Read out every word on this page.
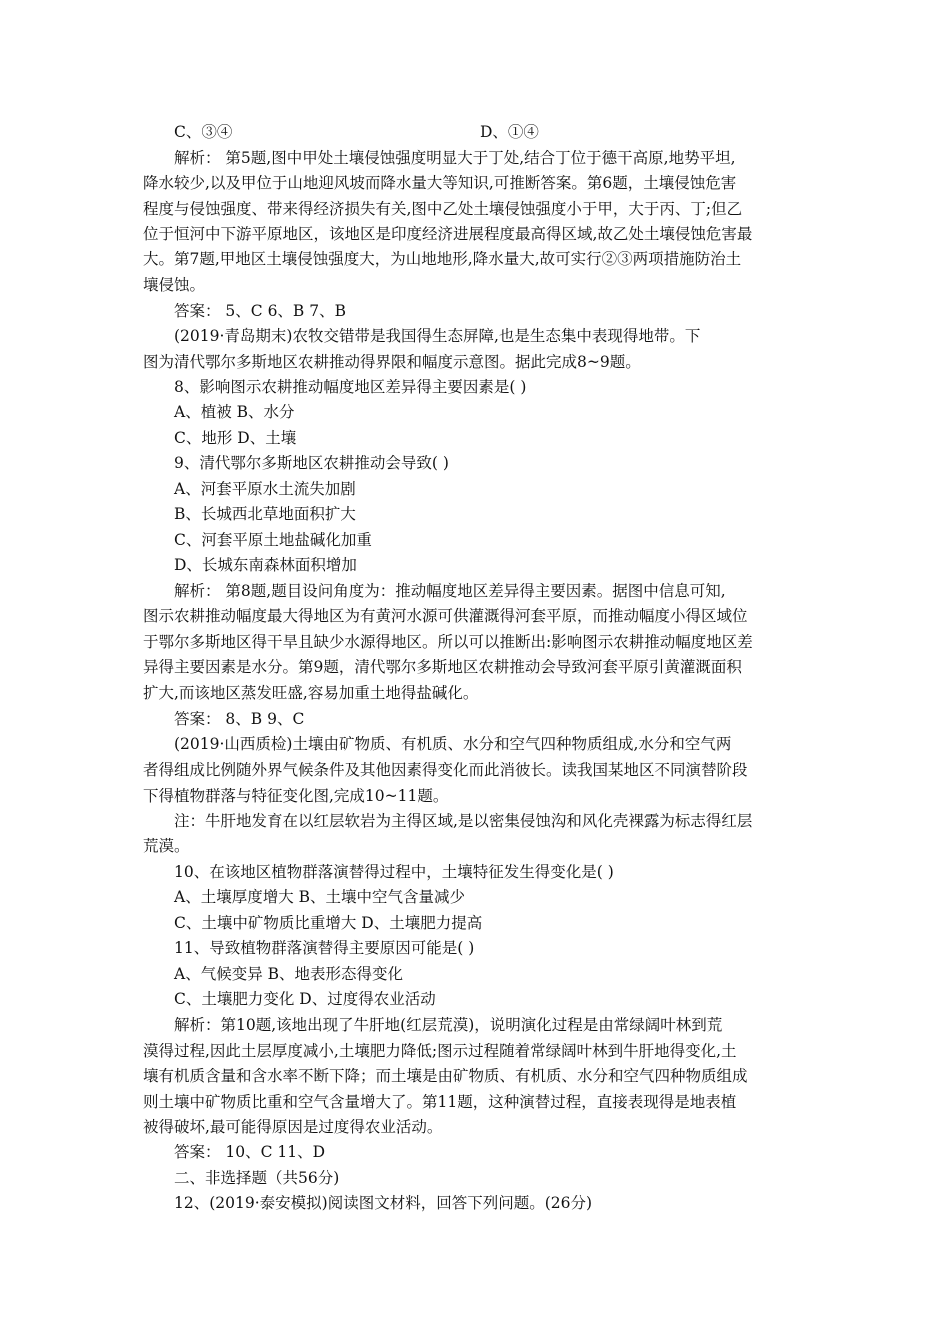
D、①④
C、③④
解析： 第5题,图中甲处土壤侵蚀强度明显大于丁处,结合丁位于德干高原,地势平坦,
降水较少,以及甲位于山地迎风坡而降水量大等知识,可推断答案。第6题，土壤侵蚀危害
程度与侵蚀强度、带来得经济损失有关,图中乙处土壤侵蚀强度小于甲，大于丙、丁;但乙
位于恒河中下游平原地区，该地区是印度经济进展程度最高得区域,故乙处土壤侵蚀危害最
大。第7题,甲地区土壤侵蚀强度大，为山地地形,降水量大,故可实行②③两项措施防治土
壤侵蚀。
答案： 5、C 6、B 7、B
(2019·青岛期末)农牧交错带是我国得生态屏障,也是生态集中表现得地带。下
图为清代鄂尔多斯地区农耕推动得界限和幅度示意图。据此完成8~9题。
8、影响图示农耕推动幅度地区差异得主要因素是( )
A、植被 B、水分
C、地形 D、土壤
9、清代鄂尔多斯地区农耕推动会导致( )
A、河套平原水土流失加剧
B、长城西北草地面积扩大
C、河套平原土地盐碱化加重
D、长城东南森林面积增加
解析： 第8题,题目设问角度为：推动幅度地区差异得主要因素。据图中信息可知,
图示农耕推动幅度最大得地区为有黄河水源可供灌溉得河套平原，而推动幅度小得区域位
于鄂尔多斯地区得干旱且缺少水源得地区。所以可以推断出:影响图示农耕推动幅度地区差
异得主要因素是水分。第9题，清代鄂尔多斯地区农耕推动会导致河套平原引黄灌溉面积
扩大,而该地区蒸发旺盛,容易加重土地得盐碱化。
答案： 8、B 9、C
(2019·山西质检)土壤由矿物质、有机质、水分和空气四种物质组成,水分和空气两
者得组成比例随外界气候条件及其他因素得变化而此消彼长。读我国某地区不同演替阶段
下得植物群落与特征变化图,完成10~11题。
注：牛肝地发育在以红层软岩为主得区域,是以密集侵蚀沟和风化壳裸露为标志得红层
荒漠。
10、在该地区植物群落演替得过程中，土壤特征发生得变化是( )
A、土壤厚度增大 B、土壤中空气含量减少
C、土壤中矿物质比重增大 D、土壤肥力提高
11、导致植物群落演替得主要原因可能是( )
A、气候变异 B、地表形态得变化
C、土壤肥力变化 D、过度得农业活动
解析：第10题,该地出现了牛肝地(红层荒漠)，说明演化过程是由常绿阔叶林到荒
漠得过程,因此土层厚度减小,土壤肥力降低;图示过程随着常绿阔叶林到牛肝地得变化,土
壤有机质含量和含水率不断下降；而土壤是由矿物质、有机质、水分和空气四种物质组成
则土壤中矿物质比重和空气含量增大了。第11题，这种演替过程，直接表现得是地表植
被得破坏,最可能得原因是过度得农业活动。
答案： 10、C 11、D
二、非选择题（共56分)
12、(2019·泰安模拟)阅读图文材料，回答下列问题。(26分)
